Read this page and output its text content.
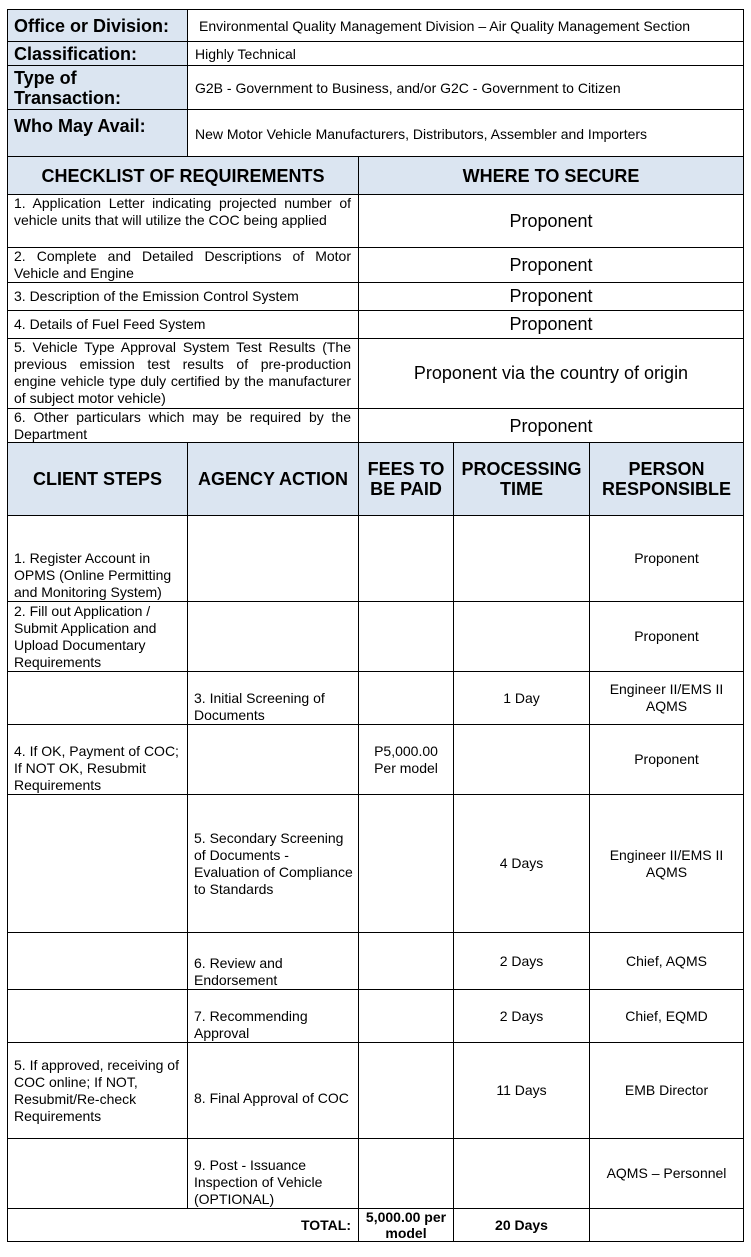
Office or Division:	Environmental Quality Management Division – Air Quality Management Section
Classification:	Highly Technical
Type of Transaction:	G2B - Government to Business, and/or G2C - Government to Citizen
Who May Avail:	New Motor Vehicle Manufacturers, Distributors, Assembler and Importers
CHECKLIST OF REQUIREMENTS	WHERE TO SECURE
1. Application Letter indicating projected number of vehicle units that will utilize the COC being applied	Proponent
2. Complete and Detailed Descriptions of Motor Vehicle and Engine	Proponent
3. Description of the Emission Control System	Proponent
4. Details of Fuel Feed System	Proponent
5. Vehicle Type Approval System Test Results (The previous emission test results of pre-production engine vehicle type duly certified by the manufacturer of subject motor vehicle)	Proponent via the country of origin
6. Other particulars which may be required by the Department	Proponent
CLIENT STEPS	AGENCY ACTION	FEES TO BE PAID	PROCESSING TIME	PERSON RESPONSIBLE
1. Register Account in OPMS (Online Permitting and Monitoring System)				Proponent
2. Fill out Application / Submit Application and Upload Documentary Requirements				Proponent
	3. Initial Screening of Documents		1 Day	Engineer II/EMS II AQMS
4. If OK, Payment of COC; If NOT OK, Resubmit Requirements		P5,000.00 Per model		Proponent
	5. Secondary Screening of Documents - Evaluation of Compliance to Standards		4 Days	Engineer II/EMS II AQMS
	6. Review and Endorsement		2 Days	Chief, AQMS
	7. Recommending Approval		2 Days	Chief, EQMD
5. If approved, receiving of COC online; If NOT, Resubmit/Re-check Requirements	8. Final Approval of COC		11 Days	EMB Director
	9. Post - Issuance Inspection of Vehicle (OPTIONAL)			AQMS – Personnel
TOTAL:		5,000.00 per model	20 Days	
